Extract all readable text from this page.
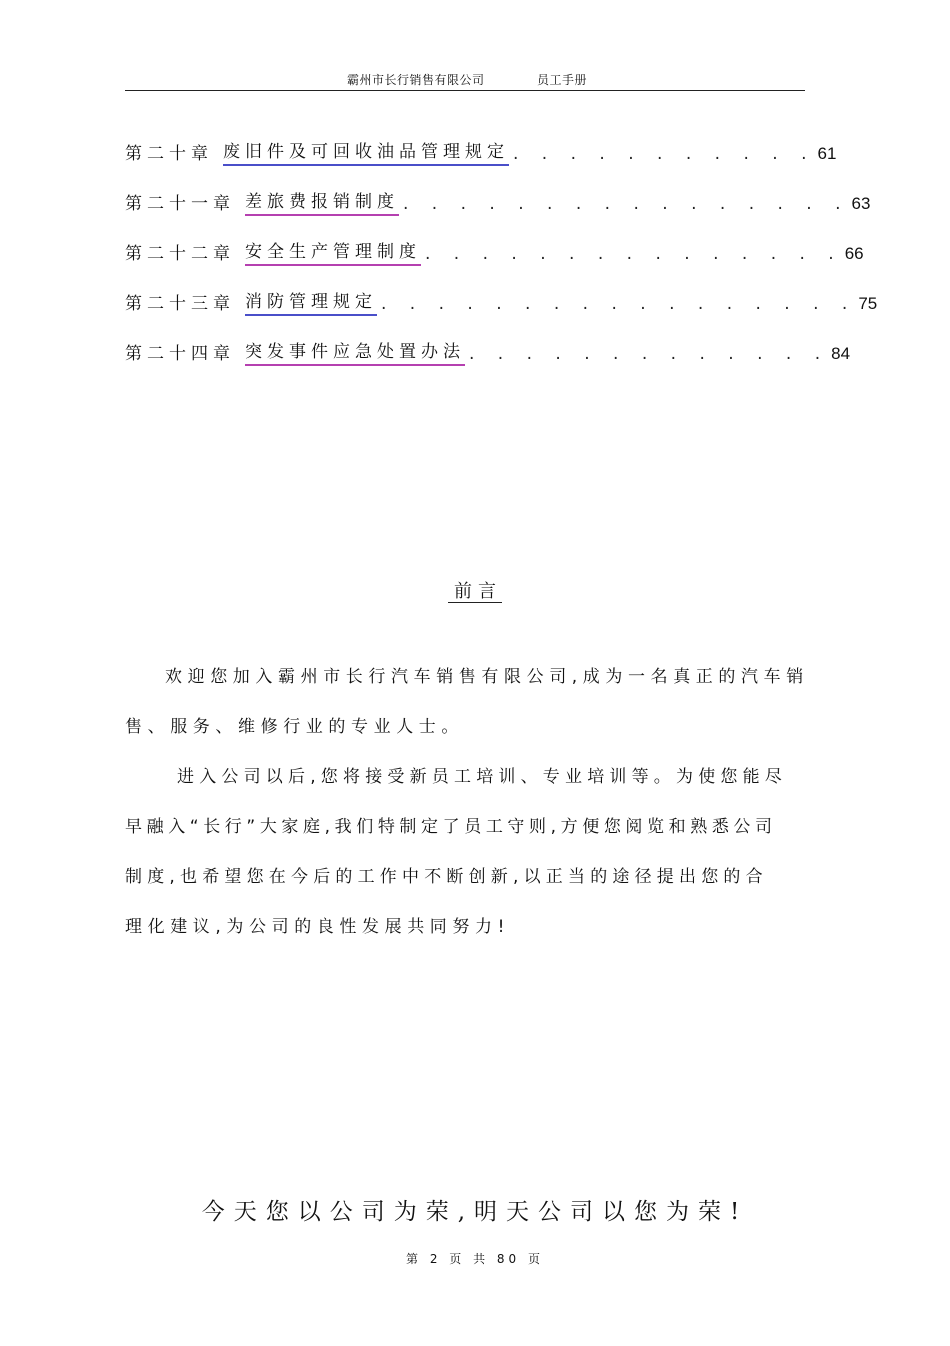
霸州市长行销售有限公司	员工手册
第二十章 废旧件及可回收油品管理规定 . . . . . . . . . . . 61
第二十一章 差旅费报销制度 . . . . . . . . . . . . . . . . 63
第二十二章 安全生产管理制度 . . . . . . . . . . . . . . . 66
第二十三章 消防管理规定 . . . . . . . . . . . . . . . . . 75
第二十四章 突发事件应急处置办法 . . . . . . . . . . . . . 84
前言
欢迎您加入霸州市长行汽车销售有限公司,成为一名真正的汽车销
售、服务、维修行业的专业人士。
进入公司以后,您将接受新员工培训、专业培训等。为使您能尽
早融入“长行”大家庭,我们特制定了员工守则,方便您阅览和熟悉公司
制度,也希望您在今后的工作中不断创新,以正当的途径提出您的合
理化建议,为公司的良性发展共同努力!
今天您以公司为荣,明天公司以您为荣!
第 2 页 共 80 页
